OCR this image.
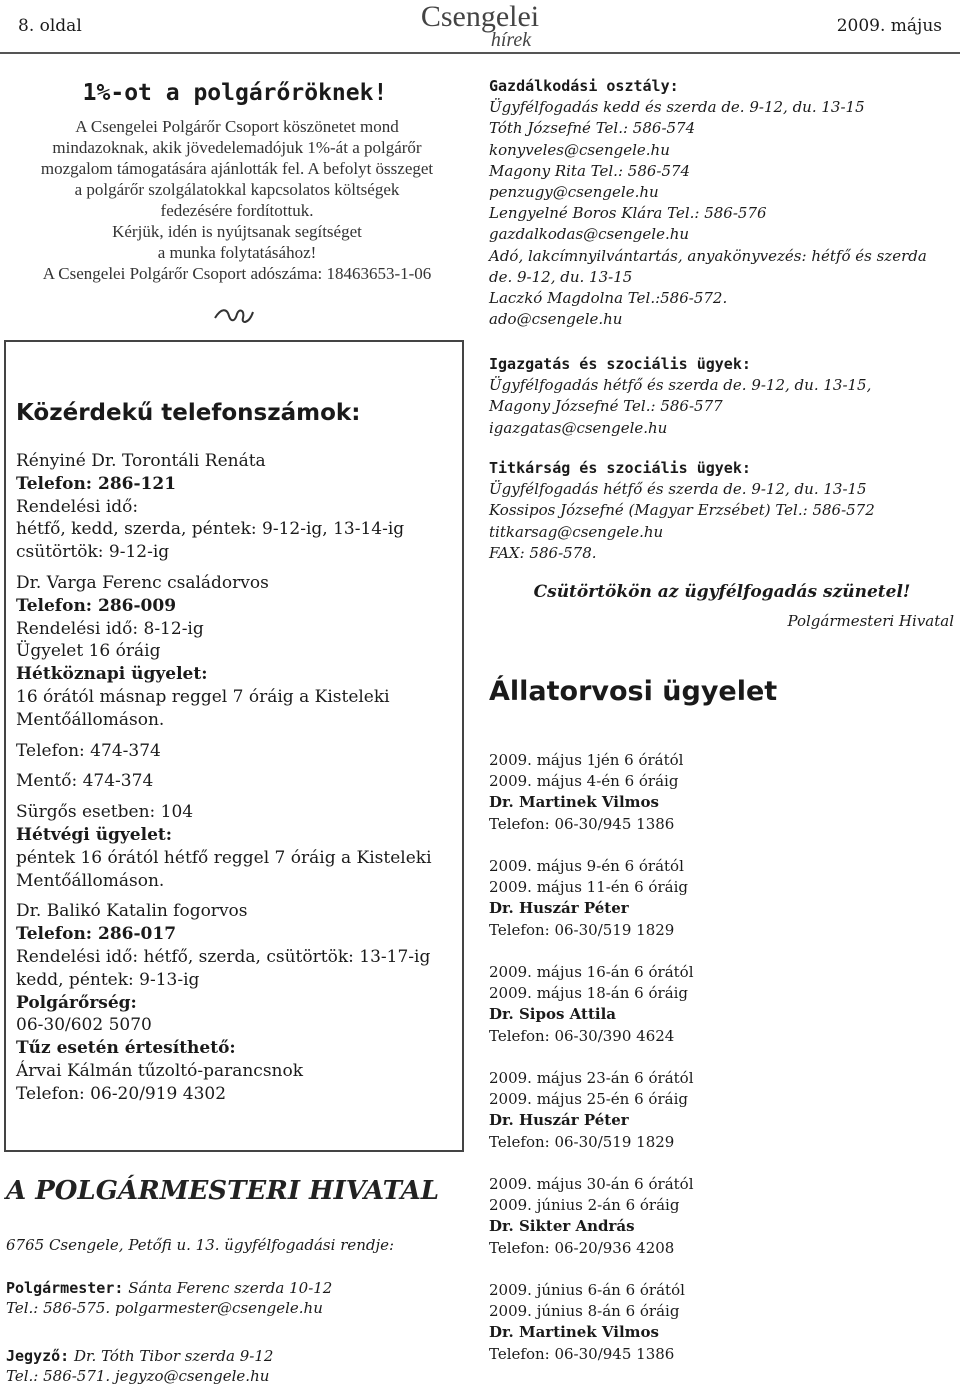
8. oldal	Csengelei
hírek
2009. május
1%-ot a polgárőröknek!
A Csengelei Polgárőr Csoport köszönetet mond
mindazoknak, akik jövedelemadójuk 1%-át a polgárőr
mozgalom támogatására ajánlották fel. A befolyt összeget
a polgárőr szolgálatokkal kapcsolatos költségek
fedezésére fordítottuk.
Kérjük, idén is nyújtsanak segítséget
a munka folytatásához!
A Csengelei Polgárőr Csoport adószáma: 18463653-1-06
Közérdekű telefonszámok:
Rényiné Dr. Torontáli Renáta
Telefon: 286-121
Rendelési idő:
hétfő, kedd, szerda, péntek: 9-12-ig, 13-14-ig
csütörtök: 9-12-ig
Dr. Varga Ferenc családorvos
Telefon: 286-009
Rendelési idő: 8-12-ig
Ügyelet 16 óráig
Hétköznapi ügyelet:
16 órától másnap reggel 7 óráig a Kisteleki
Mentőállomáson.
Telefon: 474-374
Mentő: 474-374
Sürgős esetben: 104
Hétvégi ügyelet:
péntek 16 órától hétfő reggel 7 óráig a Kisteleki
Mentőállomáson.
Dr. Balikó Katalin fogorvos
Telefon: 286-017
Rendelési idő: hétfő, szerda, csütörtök: 13-17-ig
kedd, péntek: 9-13-ig
Polgárőrség:
06-30/602 5070
Tűz esetén értesíthető:
Árvai Kálmán tűzoltó-parancsnok
Telefon: 06-20/919 4302
A POLGÁRMESTERI HIVATAL
6765 Csengele, Petőfi u. 13. ügyfélfogadási rendje:
Polgármester: Sánta Ferenc szerda 10-12
Tel.: 586-575. polgarmester@csengele.hu
Jegyző: Dr. Tóth Tibor szerda 9-12
Tel.: 586-571. jegyzo@csengele.hu
Gazdálkodási osztály:
Ügyfélfogadás kedd és szerda de. 9-12, du. 13-15
Tóth Józsefné Tel.: 586-574
konyveles@csengele.hu
Magony Rita Tel.: 586-574
penzugy@csengele.hu
Lengyelné Boros Klára Tel.: 586-576
gazdalkodas@csengele.hu
Adó, lakcímnyilvántartás, anyakönyvezés: hétfő és szerda
de. 9-12, du. 13-15
Laczkó Magdolna Tel.:586-572.
ado@csengele.hu
Igazgatás és szociális ügyek:
Ügyfélfogadás hétfő és szerda de. 9-12, du. 13-15,
Magony Józsefné Tel.: 586-577
igazgatas@csengele.hu
Titkárság és szociális ügyek:
Ügyfélfogadás hétfő és szerda de. 9-12, du. 13-15
Kossipos Józsefné (Magyar Erzsébet) Tel.: 586-572
titkarsag@csengele.hu
FAX: 586-578.
Csütörtökön az ügyfélfogadás szünetel!
Polgármesteri Hivatal
Állatorvosi ügyelet
2009. május 1jén 6 órától
2009. május 4-én 6 óráig
Dr. Martinek Vilmos
Telefon: 06-30/945 1386
2009. május 9-én 6 órától
2009. május 11-én 6 óráig
Dr. Huszár Péter
Telefon: 06-30/519 1829
2009. május 16-án 6 órától
2009. május 18-án 6 óráig
Dr. Sipos Attila
Telefon: 06-30/390 4624
2009. május 23-án 6 órától
2009. május 25-én 6 óráig
Dr. Huszár Péter
Telefon: 06-30/519 1829
2009. május 30-án 6 órától
2009. június 2-án 6 óráig
Dr. Sikter András
Telefon: 06-20/936 4208
2009. június 6-án 6 órától
2009. június 8-án 6 óráig
Dr. Martinek Vilmos
Telefon: 06-30/945 1386
